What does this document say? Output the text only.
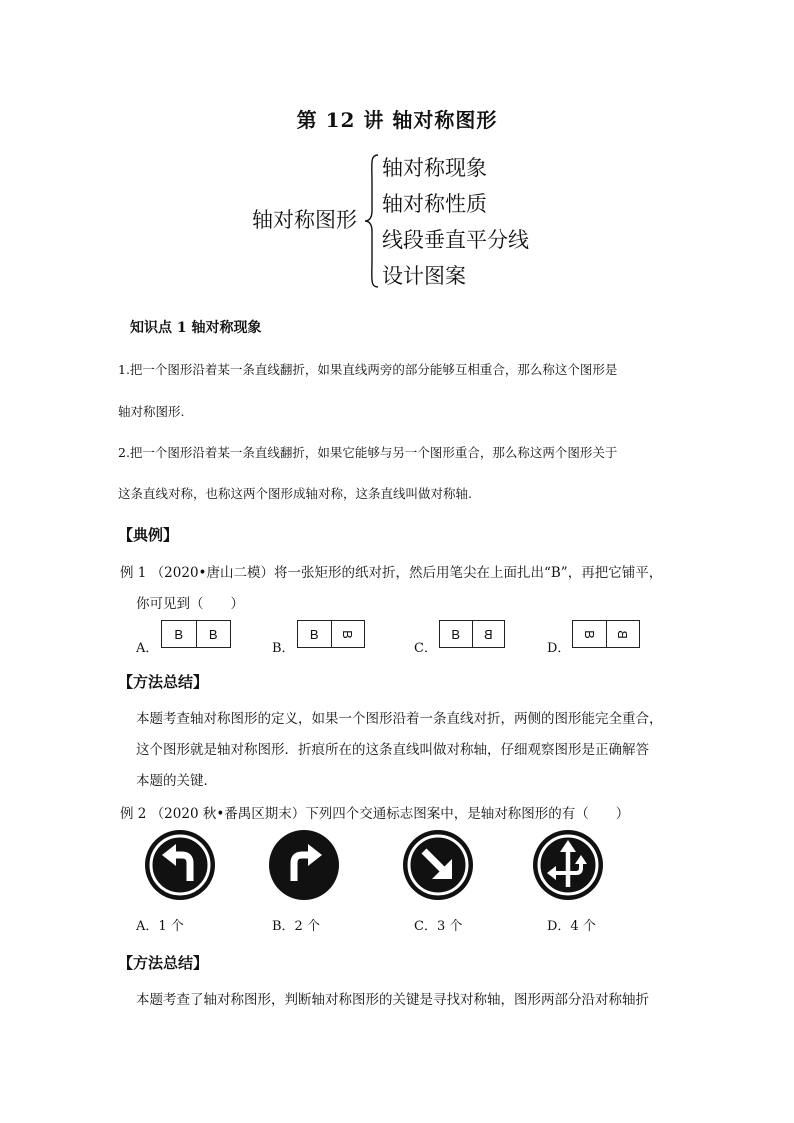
第 12 讲 轴对称图形
轴对称图形
轴对称现象
轴对称性质
线段垂直平分线
设计图案
知识点 1 轴对称现象
1.把一个图形沿着某一条直线翻折，如果直线两旁的部分能够互相重合，那么称这个图形是
轴对称图形.
2.把一个图形沿着某一条直线翻折，如果它能够与另一个图形重合，那么称这两个图形关于
这条直线对称，也称这两个图形成轴对称，这条直线叫做对称轴.
【典例】
例 1 （2020•唐山二模）将一张矩形的纸对折，然后用笔尖在上面扎出“B”，再把它铺平，
你可见到（　　）
A．
B B
B．
B B
C．
B B
D．
B B
【方法总结】
本题考查轴对称图形的定义，如果一个图形沿着一条直线对折，两侧的图形能完全重合，
这个图形就是轴对称图形．折痕所在的这条直线叫做对称轴，仔细观察图形是正确解答
本题的关键．
例 2 （2020 秋•番禺区期末）下列四个交通标志图案中，是轴对称图形的有（　　）
A．1 个	B．2 个	C．3 个	D．4 个
【方法总结】
本题考查了轴对称图形，判断轴对称图形的关键是寻找对称轴，图形两部分沿对称轴折
